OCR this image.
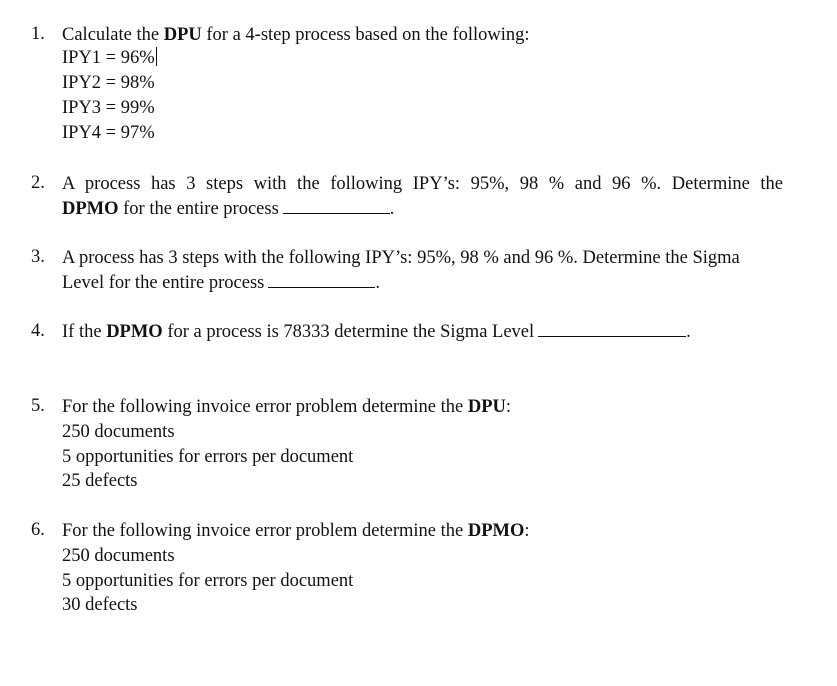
1. Calculate the DPU for a 4-step process based on the following:
IPY1 = 96%
IPY2 = 98%
IPY3 = 99%
IPY4 = 97%
2. A process has 3 steps with the following IPY’s: 95%, 98 % and 96 %. Determine the
DPMO for the entire process	.
3. A process has 3 steps with the following IPY’s: 95%, 98 % and 96 %. Determine the Sigma
Level for the entire process	.
4. If the DPMO for a process is 78333 determine the Sigma Level	.
5. For the following invoice error problem determine the DPU:
250 documents
5 opportunities for errors per document
25 defects
6. For the following invoice error problem determine the DPMO:
250 documents
5 opportunities for errors per document
30 defects
